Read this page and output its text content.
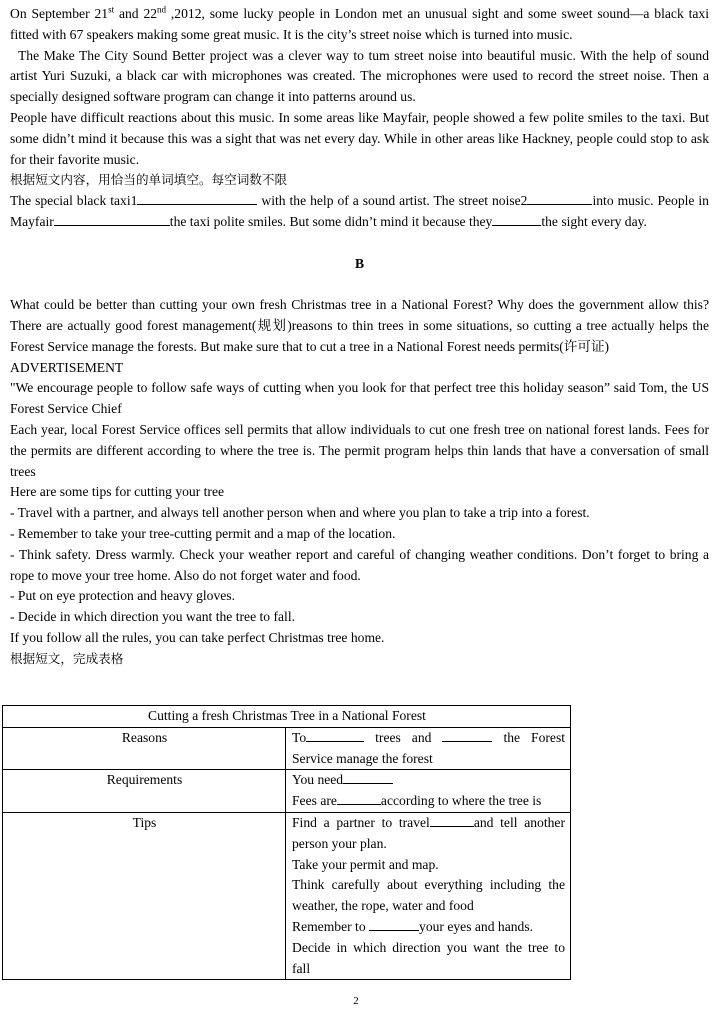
On September 21st and 22nd ,2012, some lucky people in London met an unusual sight and some sweet sound—a black taxi fitted with 67 speakers making some great music. It is the city’s street noise which is turned into music.

The Make The City Sound Better project was a clever way to tum street noise into beautiful music. With the help of sound artist Yuri Suzuki, a black car with microphones was created. The microphones were used to record the street noise. Then a specially designed software program can change it into patterns around us.

People have difficult reactions about this music. In some areas like Mayfair, people showed a few polite smiles to the taxi. But some didn’t mind it because this was a sight that was net every day. While in other areas like Hackney, people could stop to ask for their favorite music.

根据短文内容，用恰当的单词填空。每空词数不限

The special black taxi1	with the help of a sound artist. The street noise2	into music. People in Mayfair	the taxi polite smiles. But some didn’t mind it because they	the sight every day.

B

What could be better than cutting your own fresh Christmas tree in a National Forest? Why does the government allow this? There are actually good forest management(规划)reasons to thin trees in some situations, so cutting a tree actually helps the Forest Service manage the forests. But make sure that to cut a tree in a National Forest needs permits(许可证)

ADVERTISEMENT

"We encourage people to follow safe ways of cutting when you look for that perfect tree this holiday season” said Tom, the US Forest Service Chief

Each year, local Forest Service offices sell permits that allow individuals to cut one fresh tree on national forest lands. Fees for the permits are different according to where the tree is. The permit program helps thin lands that have a conversation of small trees

Here are some tips for cutting your tree

- Travel with a partner, and always tell another person when and where you plan to take a trip into a forest.

- Remember to take your tree-cutting permit and a map of the location.

- Think safety. Dress warmly. Check your weather report and careful of changing weather conditions. Don’t forget to bring a rope to move your tree home. Also do not forget water and food.

- Put on eye protection and heavy gloves.

- Decide in which direction you want the tree to fall.

If you follow all the rules, you can take perfect Christmas tree home.

根据短文，完成表格

Cutting a fresh Christmas Tree in a National Forest	
Reasons	To trees and the Forest Service manage the forest
Requirements	You need
Fees are according to where the tree is
Tips	Find a partner to travel and tell another person your plan.
Take your permit and map.
Think carefully about everything including the weather, the rope, water and food
Remember to your eyes and hands.
Decide in which direction you want the tree to fall
2
